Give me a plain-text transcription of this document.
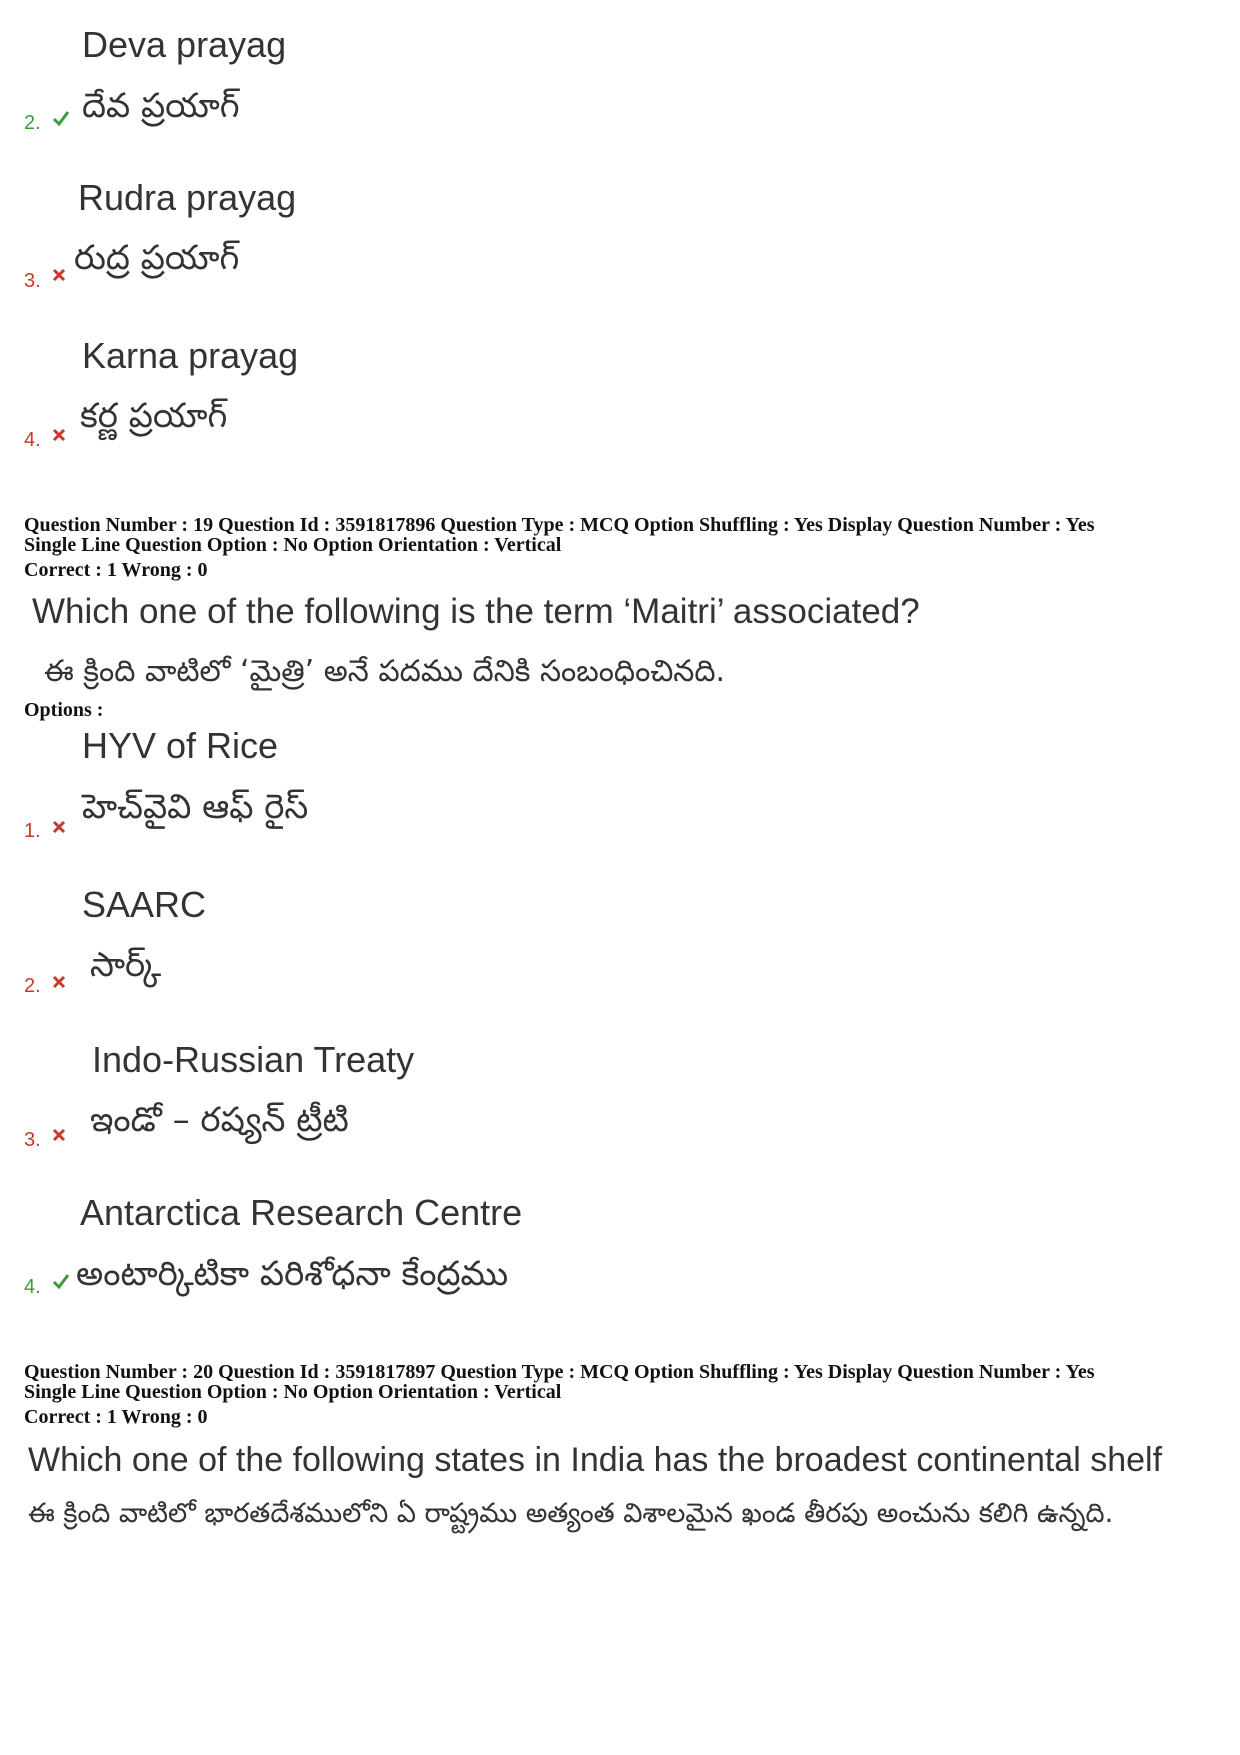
Deva prayag
దేవ ప్రయాగ్
2.
Rudra prayag
రుద్ర ప్రయాగ్
3.
Karna prayag
కర్ణ ప్రయాగ్
4.
Question Number : 19 Question Id : 3591817896 Question Type : MCQ Option Shuffling : Yes Display Question Number : Yes
Single Line Question Option : No Option Orientation : Vertical
Correct : 1 Wrong : 0
Which one of the following is the term ‘Maitri’ associated?
ఈ క్రింది వాటిలో ‘మైత్రి’ అనే పదము దేనికి సంబంధించినది.
Options :
HYV of Rice
హెచ్‌వైవి ఆఫ్ రైస్
1.
SAARC
సార్క్
2.
Indo-Russian Treaty
ఇండో – రష్యన్ ట్రీటి
3.
Antarctica Research Centre
అంటార్కిటికా పరిశోధనా కేంద్రము
4.
Question Number : 20 Question Id : 3591817897 Question Type : MCQ Option Shuffling : Yes Display Question Number : Yes
Single Line Question Option : No Option Orientation : Vertical
Correct : 1 Wrong : 0
Which one of the following states in India has the broadest continental shelf
ఈ క్రింది వాటిలో భారతదేశములోని ఏ రాష్ట్రము అత్యంత విశాలమైన ఖండ తీరపు అంచును కలిగి ఉన్నది.
